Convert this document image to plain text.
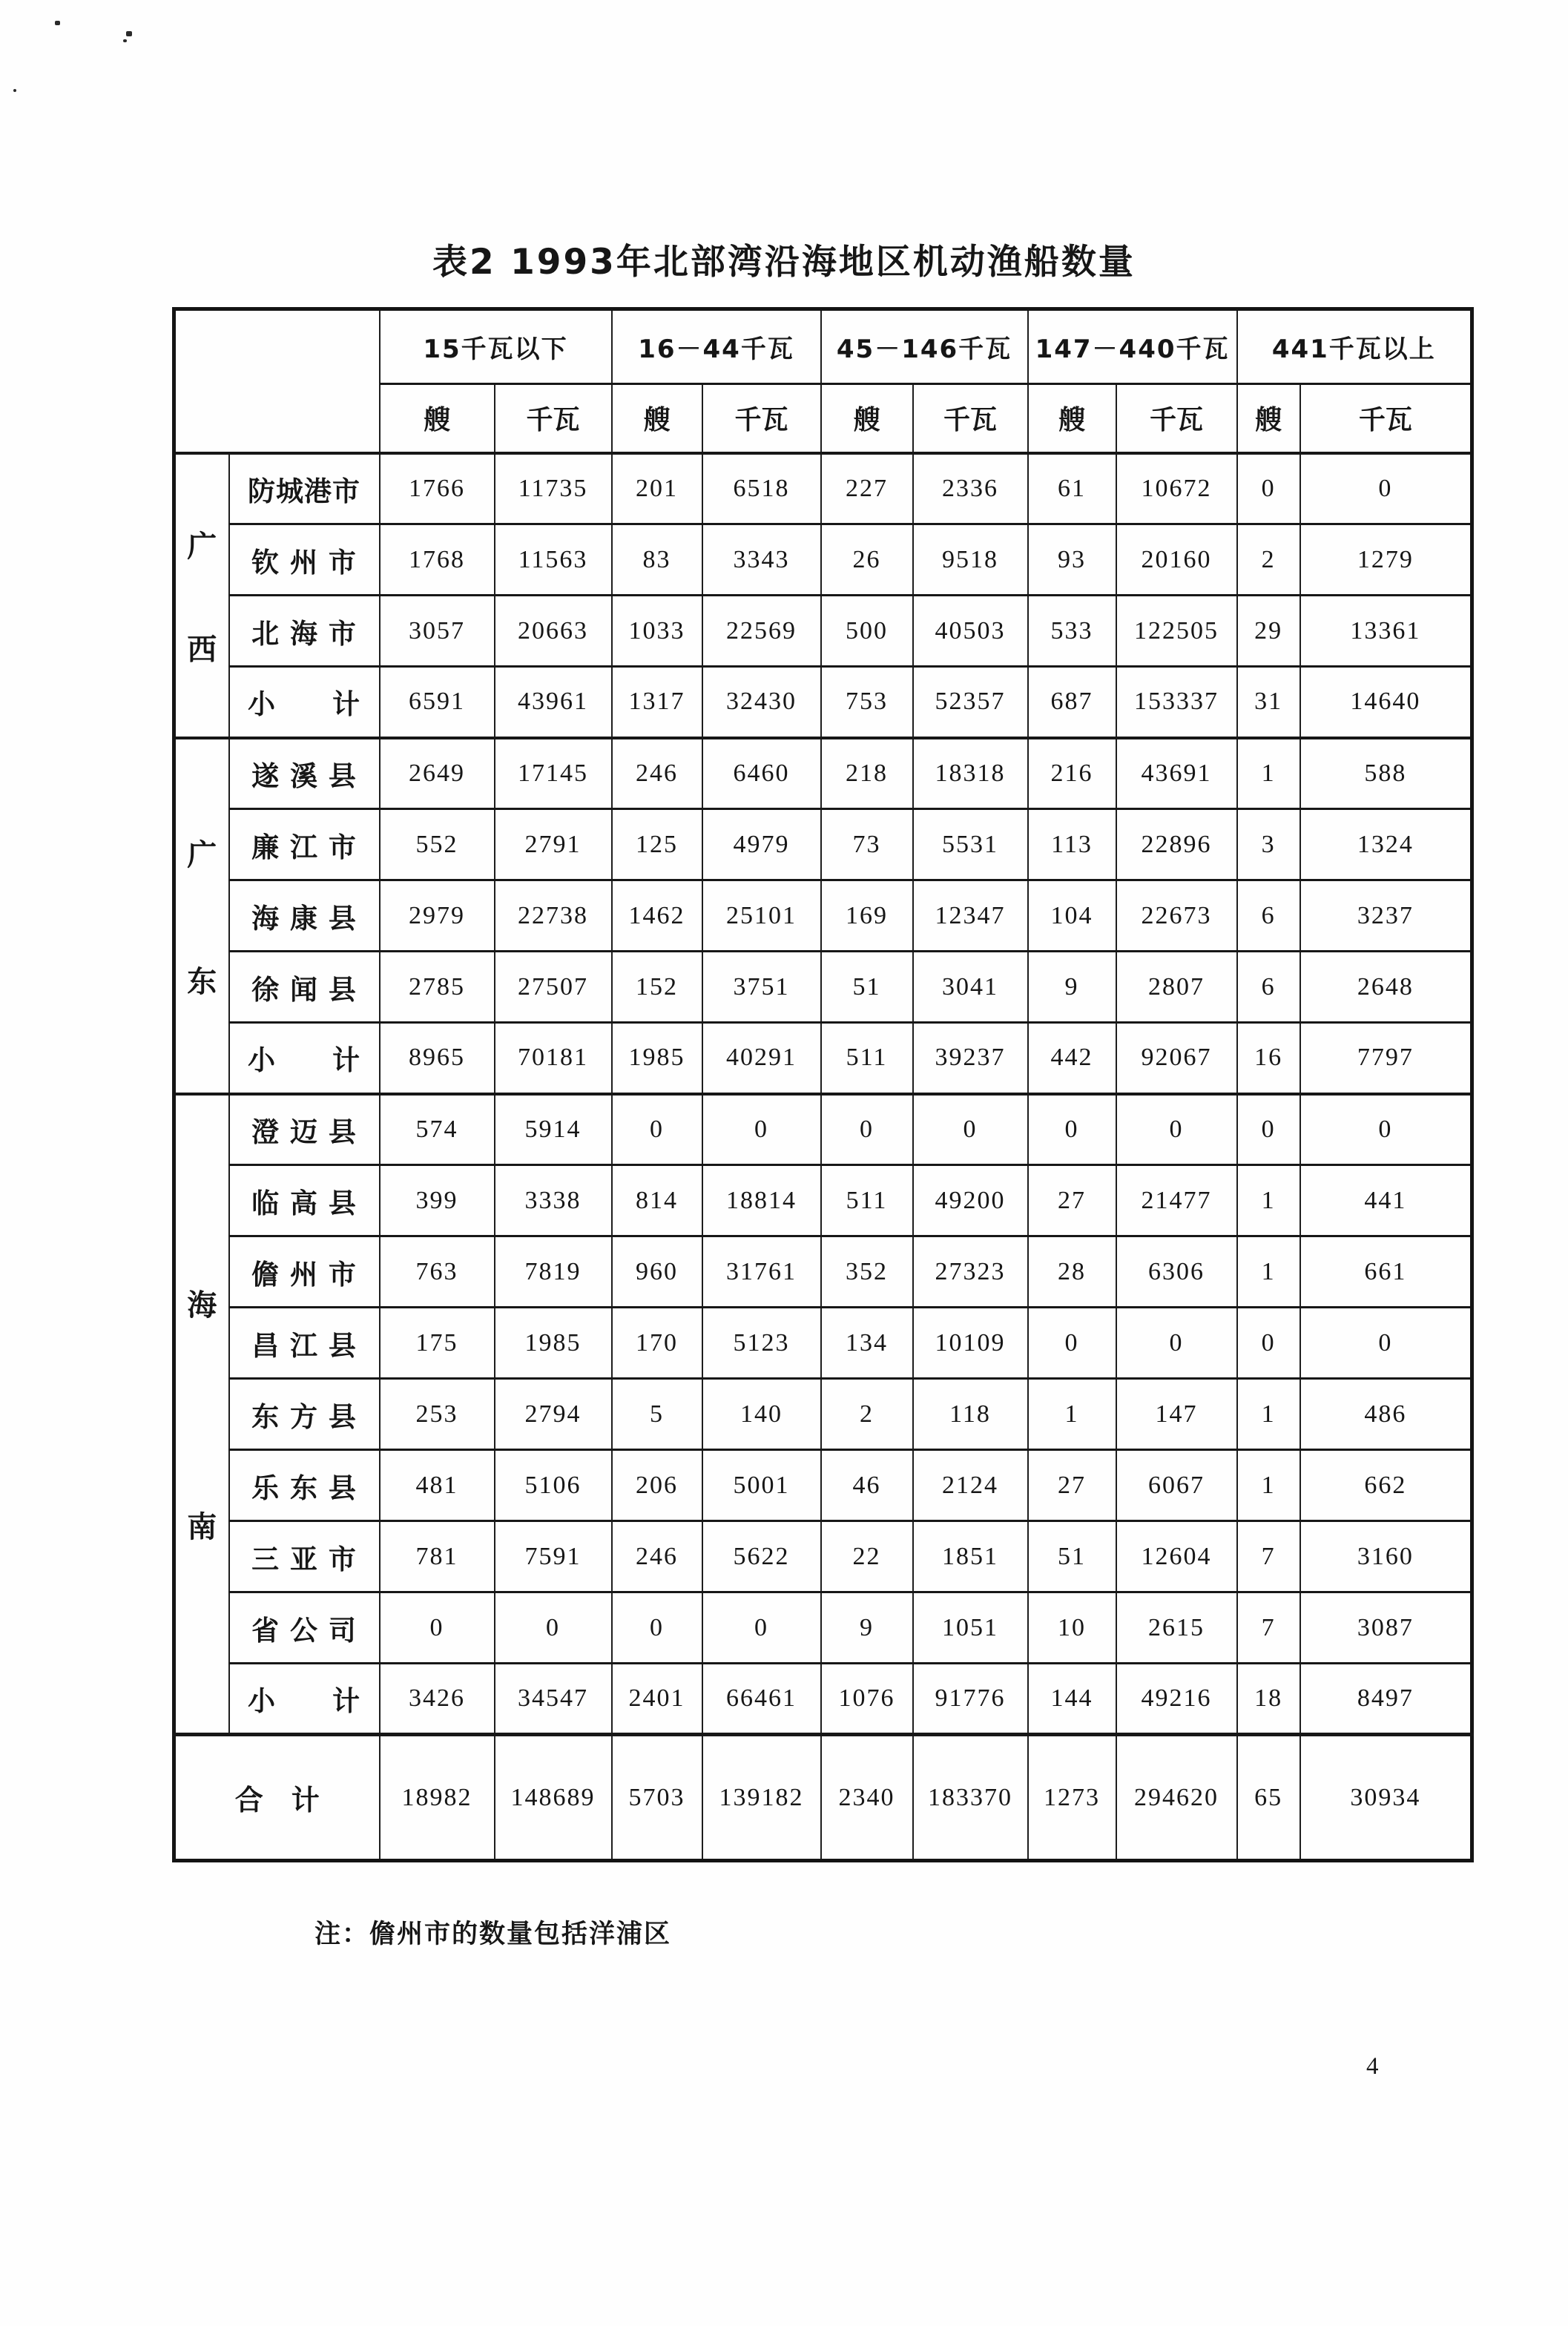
表2 1993年北部湾沿海地区机动渔船数量
		15千瓦以下		16－44千瓦		45－146千瓦		147－440千瓦		441千瓦以上	
		艘	千瓦	艘	千瓦	艘	千瓦	艘	千瓦	艘	千瓦

广
西	防城港市	1766	11735	201	6518	227	2336	61	10672	0	0
	钦 州 市	1768	11563	83	3343	26	9518	93	20160	2	1279
	北 海 市	3057	20663	1033	22569	500	40503	533	122505	29	13361
	小　　计	6591	43961	1317	32430	753	52357	687	153337	31	14640

广
东	遂 溪 县	2649	17145	246	6460	218	18318	216	43691	1	588
	廉 江 市	552	2791	125	4979	73	5531	113	22896	3	1324
	海 康 县	2979	22738	1462	25101	169	12347	104	22673	6	3237
	徐 闻 县	2785	27507	152	3751	51	3041	9	2807	6	2648
	小　　计	8965	70181	1985	40291	511	39237	442	92067	16	7797

海
南	澄 迈 县	574	5914	0	0	0	0	0	0	0	0
	临 高 县	399	3338	814	18814	511	49200	27	21477	1	441
	儋 州 市	763	7819	960	31761	352	27323	28	6306	1	661
	昌 江 县	175	1985	170	5123	134	10109	0	0	0	0
	东 方 县	253	2794	5	140	2	118	1	147	1	486
	乐 东 县	481	5106	206	5001	46	2124	27	6067	1	662
	三 亚 市	781	7591	246	5622	22	1851	51	12604	7	3160
	省 公 司	0	0	0	0	9	1051	10	2615	7	3087
	小　　计	3426	34547	2401	66461	1076	91776	144	49216	18	8497
合　计		18982	148689	5703	139182	2340	183370	1273	294620	65	30934

注：儋州市的数量包括洋浦区

4
